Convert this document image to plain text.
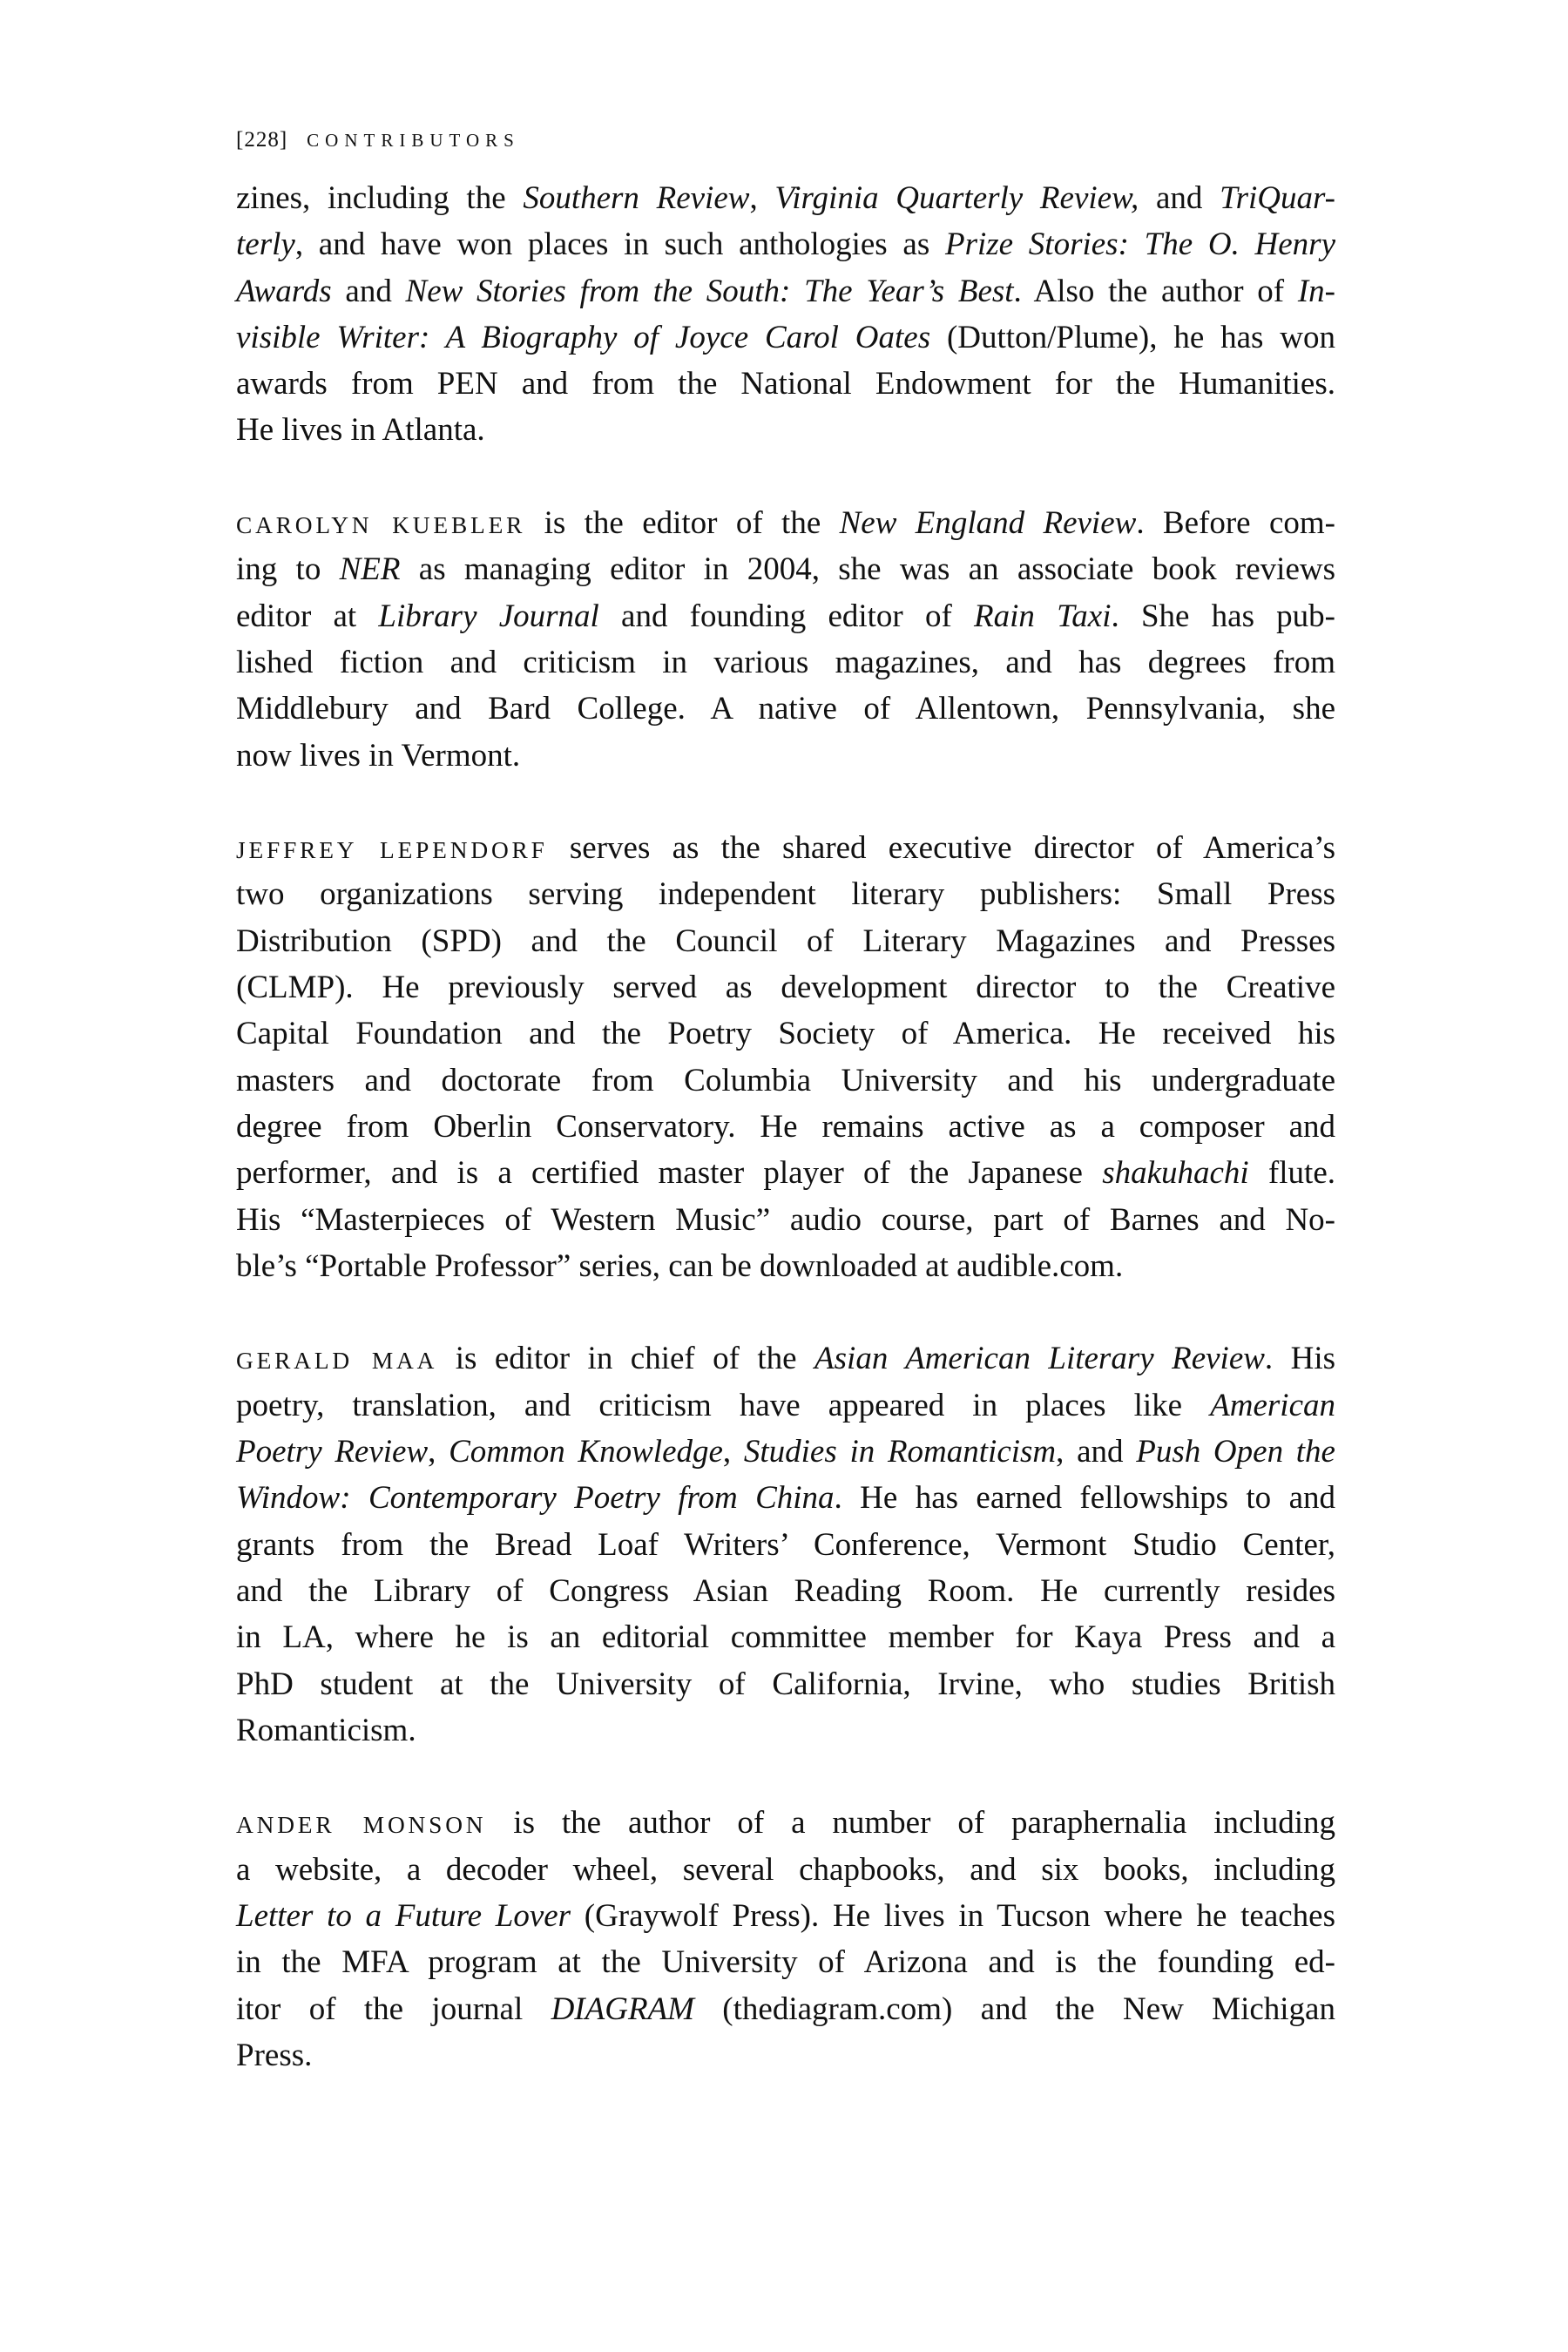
[228] CONTRIBUTORS
zines, including the Southern Review, Virginia Quarterly Review, and TriQuar-
terly, and have won places in such anthologies as Prize Stories: The O. Henry
Awards and New Stories from the South: The Year’s Best. Also the author of In-
visible Writer: A Biography of Joyce Carol Oates (Dutton/Plume), he has won
awards from PEN and from the National Endowment for the Humanities.
He lives in Atlanta.
CAROLYN KUEBLER is the editor of the New England Review. Before com-
ing to NER as managing editor in 2004, she was an associate book reviews
editor at Library Journal and founding editor of Rain Taxi. She has pub-
lished fiction and criticism in various magazines, and has degrees from
Middlebury and Bard College. A native of Allentown, Pennsylvania, she
now lives in Vermont.
JEFFREY LEPENDORF serves as the shared executive director of America’s
two organizations serving independent literary publishers: Small Press
Distribution (SPD) and the Council of Literary Magazines and Presses
(CLMP). He previously served as development director to the Creative
Capital Foundation and the Poetry Society of America. He received his
masters and doctorate from Columbia University and his undergraduate
degree from Oberlin Conservatory. He remains active as a composer and
performer, and is a certified master player of the Japanese shakuhachi flute.
His “Masterpieces of Western Music” audio course, part of Barnes and No-
ble’s “Portable Professor” series, can be downloaded at audible.com.
GERALD MAA is editor in chief of the Asian American Literary Review. His
poetry, translation, and criticism have appeared in places like American
Poetry Review, Common Knowledge, Studies in Romanticism, and Push Open the
Window: Contemporary Poetry from China. He has earned fellowships to and
grants from the Bread Loaf Writers’ Conference, Vermont Studio Center,
and the Library of Congress Asian Reading Room. He currently resides
in LA, where he is an editorial committee member for Kaya Press and a
PhD student at the University of California, Irvine, who studies British
Romanticism.
ANDER MONSON is the author of a number of paraphernalia including
a website, a decoder wheel, several chapbooks, and six books, including
Letter to a Future Lover (Graywolf Press). He lives in Tucson where he teaches
in the MFA program at the University of Arizona and is the founding ed-
itor of the journal DIAGRAM (thediagram.com) and the New Michigan
Press.
